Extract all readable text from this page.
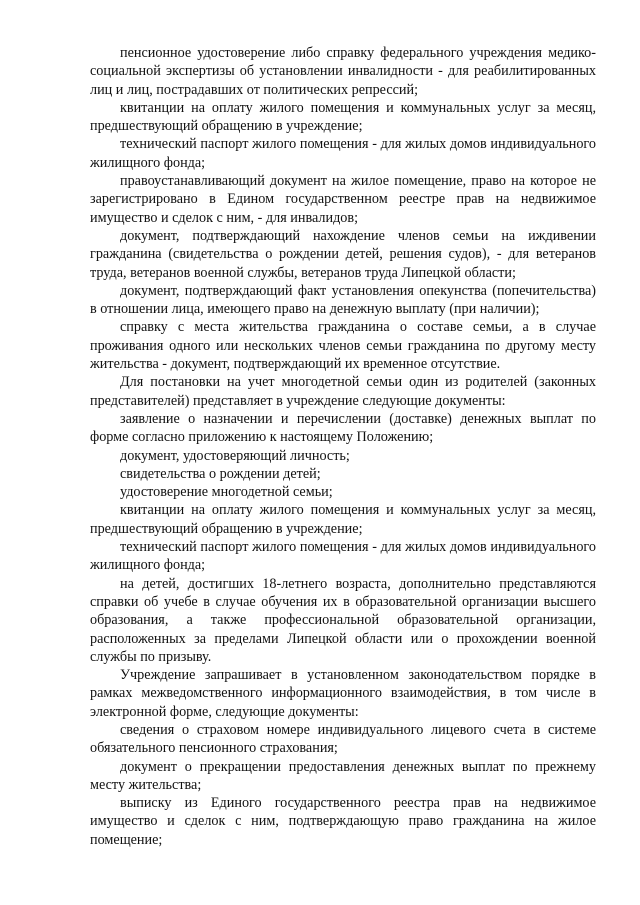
пенсионное удостоверение либо справку федерального учреждения медико-социальной экспертизы об установлении инвалидности - для реабилитированных лиц и лиц, пострадавших от политических репрессий;

квитанции на оплату жилого помещения и коммунальных услуг за месяц, предшествующий обращению в учреждение;

технический паспорт жилого помещения - для жилых домов индивидуального жилищного фонда;

правоустанавливающий документ на жилое помещение, право на которое не зарегистрировано в Едином государственном реестре прав на недвижимое имущество и сделок с ним, - для инвалидов;

документ, подтверждающий нахождение членов семьи на иждивении гражданина (свидетельства о рождении детей, решения судов), - для ветеранов труда, ветеранов военной службы, ветеранов труда Липецкой области;

документ, подтверждающий факт установления опекунства (попечительства) в отношении лица, имеющего право на денежную выплату (при наличии);

справку с места жительства гражданина о составе семьи, а в случае проживания одного или нескольких членов семьи гражданина по другому месту жительства - документ, подтверждающий их временное отсутствие.

Для постановки на учет многодетной семьи один из родителей (законных представителей) представляет в учреждение следующие документы:

заявление о назначении и перечислении (доставке) денежных выплат по форме согласно приложению к настоящему Положению;

документ, удостоверяющий личность;

свидетельства о рождении детей;

удостоверение многодетной семьи;

квитанции на оплату жилого помещения и коммунальных услуг за месяц, предшествующий обращению в учреждение;

технический паспорт жилого помещения - для жилых домов индивидуального жилищного фонда;

на детей, достигших 18-летнего возраста, дополнительно представляются справки об учебе в случае обучения их в образовательной организации высшего образования, а также профессиональной образовательной организации, расположенных за пределами Липецкой области или о прохождении военной службы по призыву.

Учреждение запрашивает в установленном законодательством порядке в рамках межведомственного информационного взаимодействия, в том числе в электронной форме, следующие документы:

сведения о страховом номере индивидуального лицевого счета в системе обязательного пенсионного страхования;

документ о прекращении предоставления денежных выплат по прежнему месту жительства;

выписку из Единого государственного реестра прав на недвижимое имущество и сделок с ним, подтверждающую право гражданина на жилое помещение;
